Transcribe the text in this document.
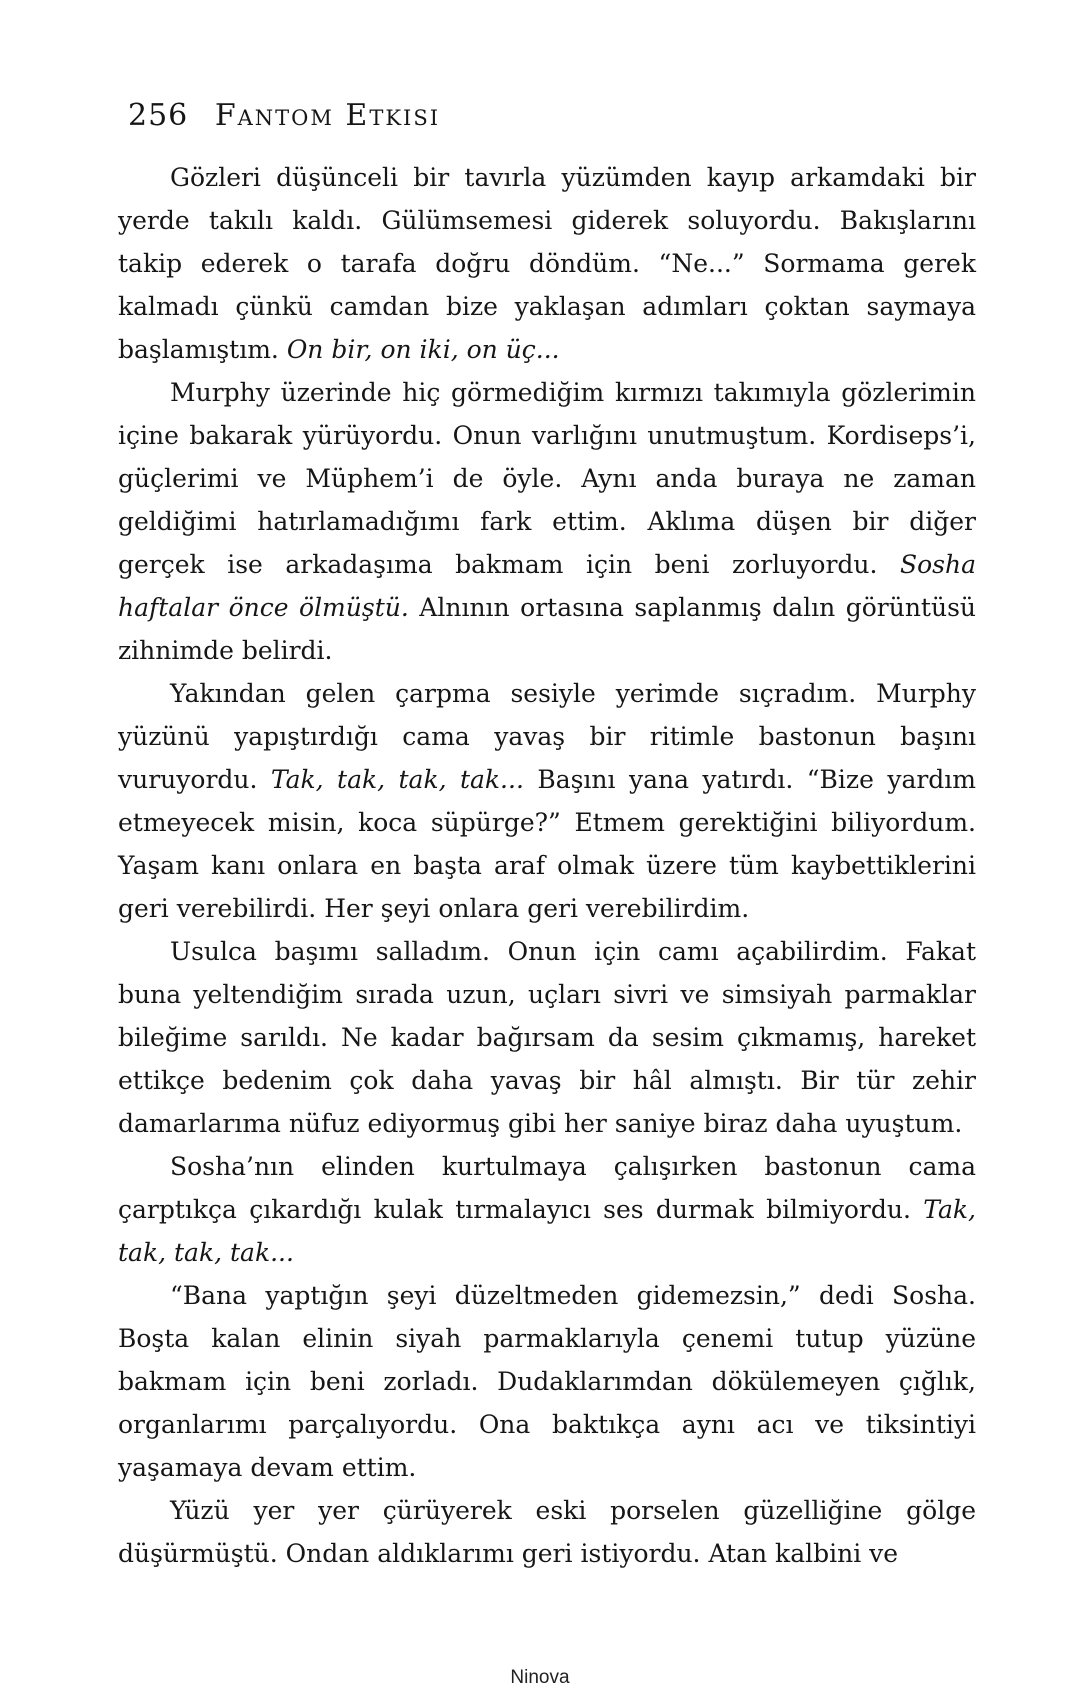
256 Fantom Etkisi

Gözleri düşünceli bir tavırla yüzümden kayıp arkamdaki bir yerde takılı kaldı. Gülümsemesi giderek soluyordu. Bakışlarını takip ederek o tarafa doğru döndüm. “Ne...” Sormama gerek kalmadı çünkü camdan bize yaklaşan adımları çoktan saymaya başlamıştım. On bir, on iki, on üç...

Murphy üzerinde hiç görmediğim kırmızı takımıyla gözlerimin içine bakarak yürüyordu. Onun varlığını unutmuştum. Kordiseps’i, güçlerimi ve Müphem’i de öyle. Aynı anda buraya ne zaman geldiğimi hatırlamadığımı fark ettim. Aklıma düşen bir diğer gerçek ise arkadaşıma bakmam için beni zorluyordu. Sosha haftalar önce ölmüştü. Alnının ortasına saplanmış dalın görüntüsü zihnimde belirdi.

Yakından gelen çarpma sesiyle yerimde sıçradım. Murphy yüzünü yapıştırdığı cama yavaş bir ritimle bastonun başını vuruyordu. Tak, tak, tak, tak... Başını yana yatırdı. “Bize yardım etmeyecek misin, koca süpürge?” Etmem gerektiğini biliyordum. Yaşam kanı onlara en başta araf olmak üzere tüm kaybettiklerini geri verebilirdi. Her şeyi onlara geri verebilirdim.

Usulca başımı salladım. Onun için camı açabilirdim. Fakat buna yeltendiğim sırada uzun, uçları sivri ve simsiyah parmaklar bileğime sarıldı. Ne kadar bağırsam da sesim çıkmamış, hareket ettikçe bedenim çok daha yavaş bir hâl almıştı. Bir tür zehir damarlarıma nüfuz ediyormuş gibi her saniye biraz daha uyuştum.

Sosha’nın elinden kurtulmaya çalışırken bastonun cama çarptıkça çıkardığı kulak tırmalayıcı ses durmak bilmiyordu. Tak, tak, tak, tak...

“Bana yaptığın şeyi düzeltmeden gidemezsin,” dedi Sosha. Boşta kalan elinin siyah parmaklarıyla çenemi tutup yüzüne bakmam için beni zorladı. Dudaklarımdan dökülemeyen çığlık, organlarımı parçalıyordu. Ona baktıkça aynı acı ve tiksintiyi yaşamaya devam ettim.

Yüzü yer yer çürüyerek eski porselen güzelliğine gölge düşürmüştü. Ondan aldıklarımı geri istiyordu. Atan kalbini ve

Ninova
